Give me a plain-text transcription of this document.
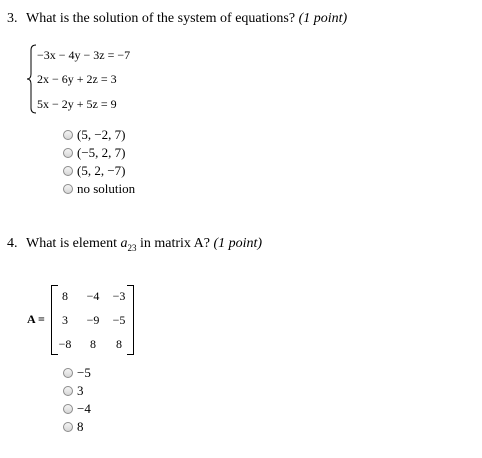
3. What is the solution of the system of equations? (1 point)
−3x − 4y − 3z = −7
2x − 6y + 2z = 3
5x − 2y + 5z = 9
(5, −2, 7)
(−5, 2, 7)
(5, 2, −7)
no solution
4. What is element $a_{23}$ in matrix A? (1 point)
A =
8	−4	−3
3	−9	−5
−8	8	8
−5
3
−4
8
